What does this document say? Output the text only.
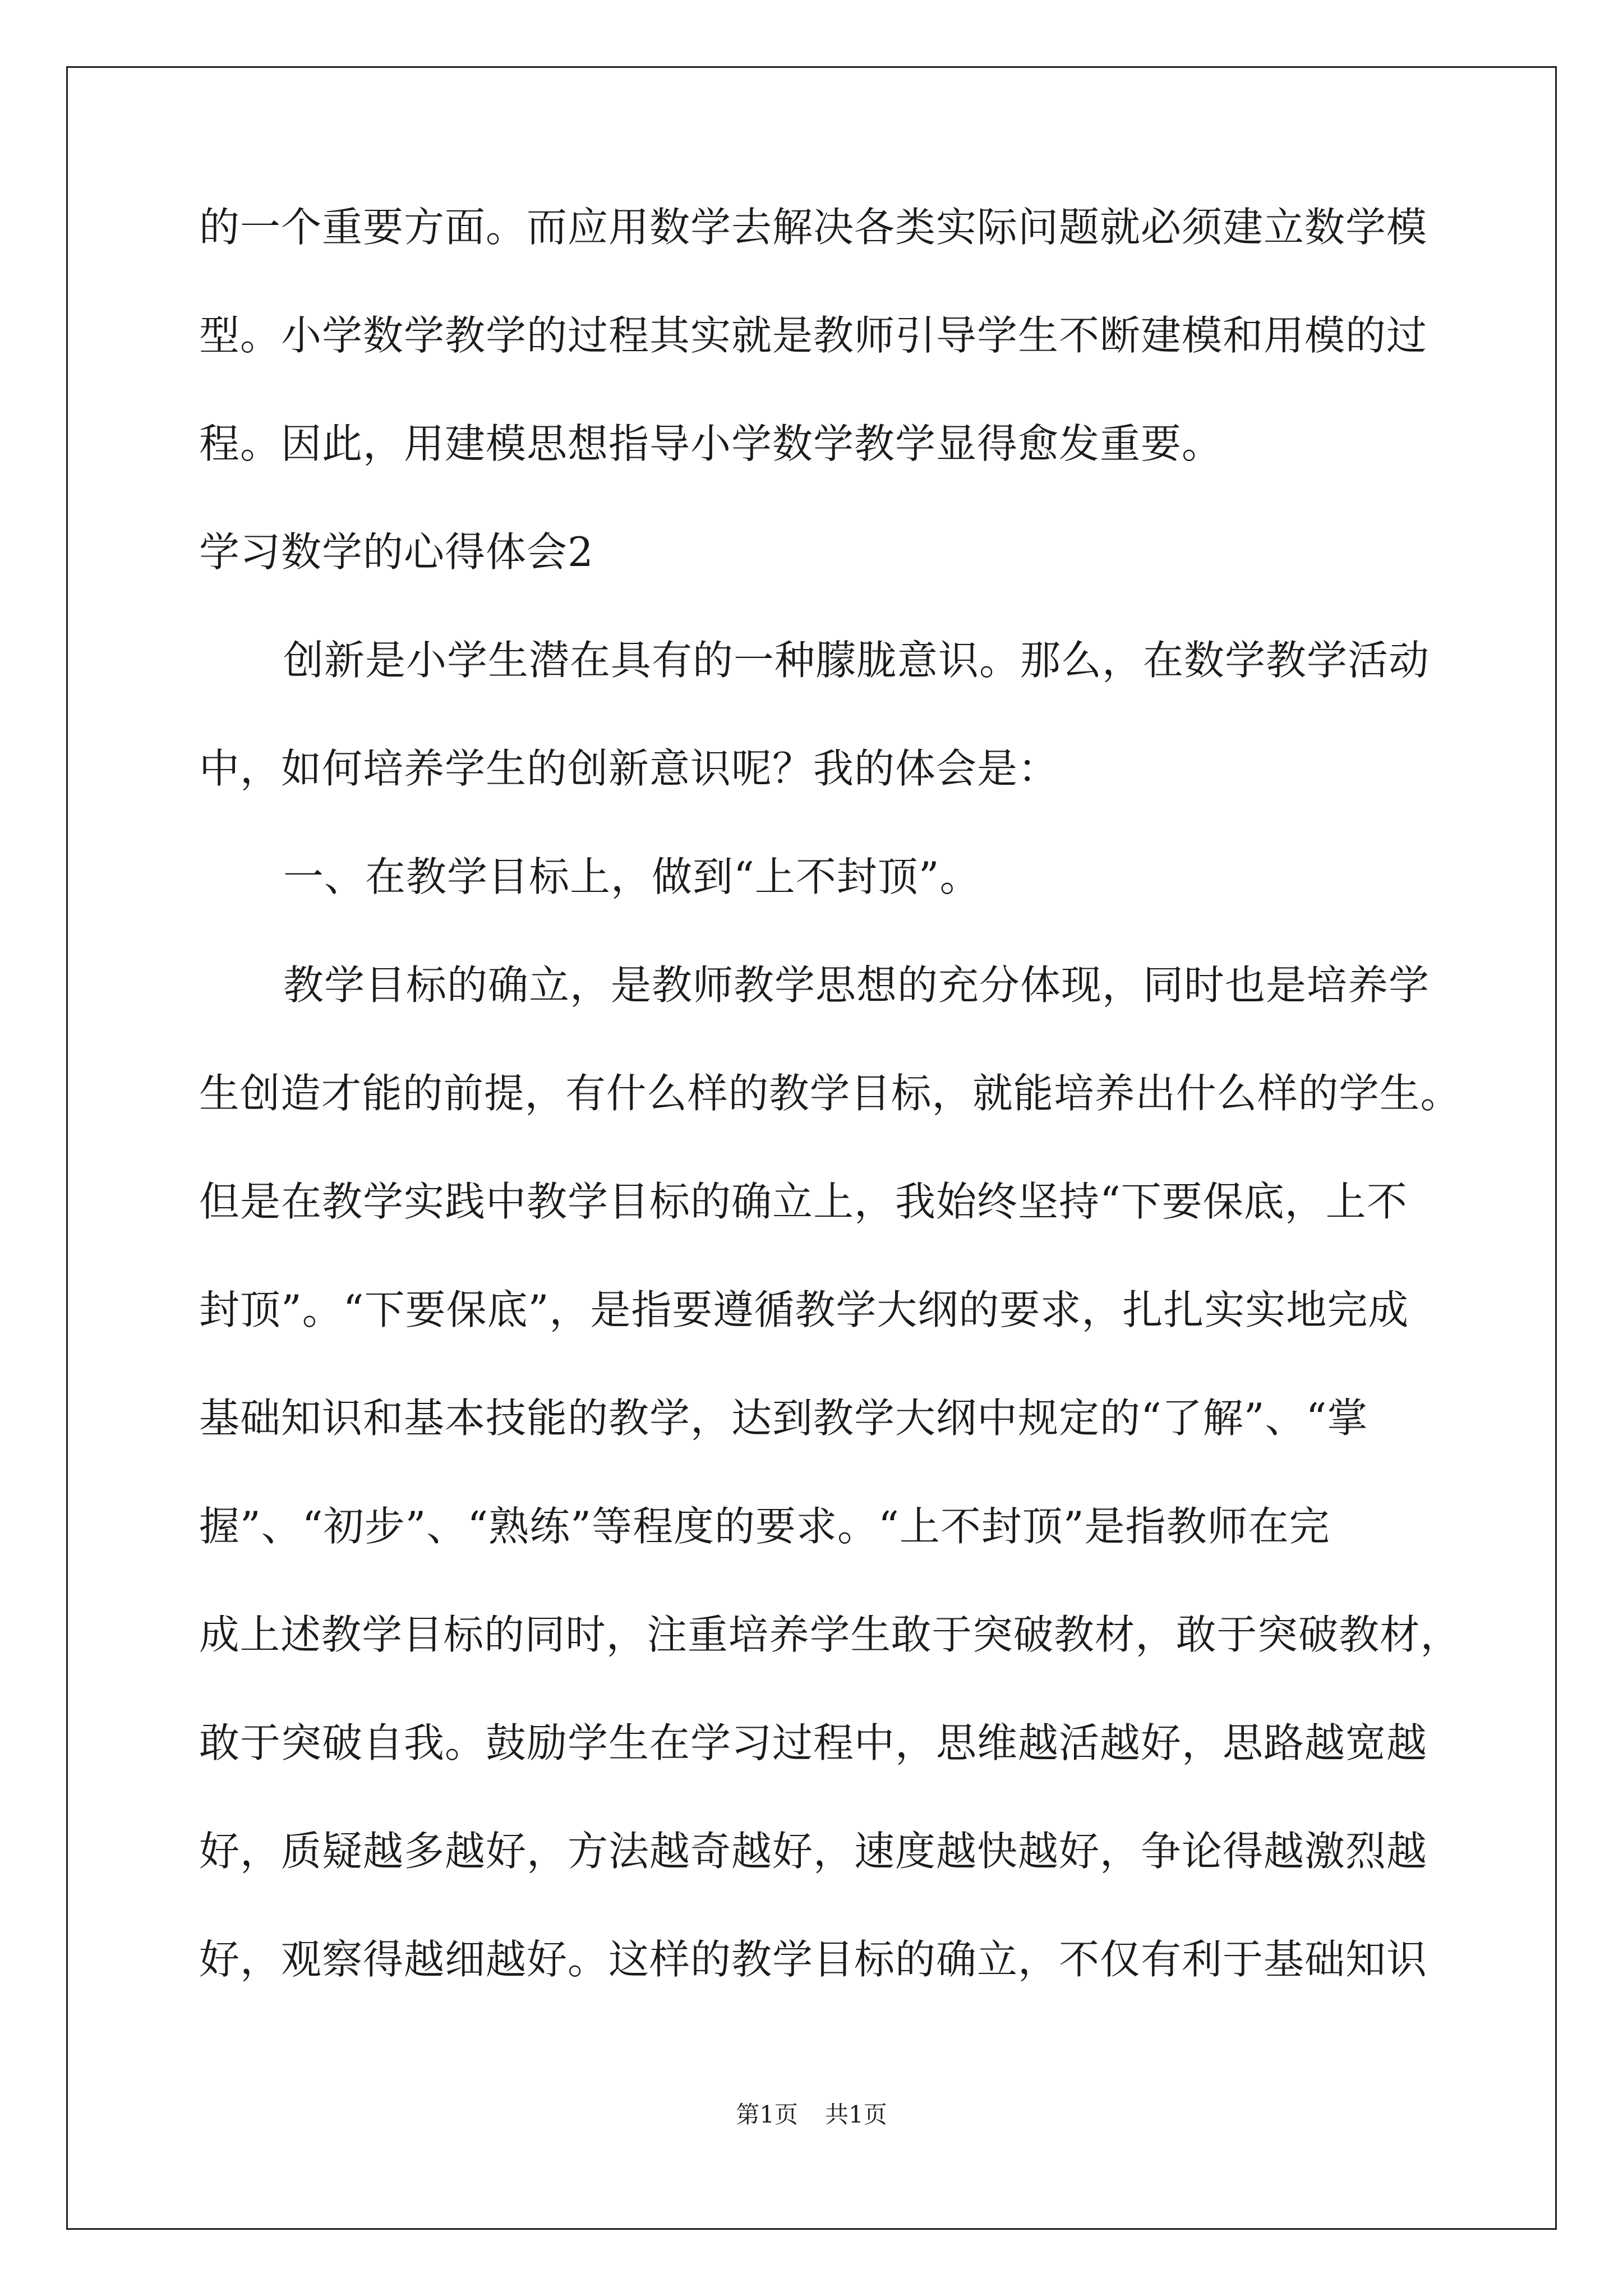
的一个重要方面。而应用数学去解决各类实际问题就必须建立数学模
型。小学数学教学的过程其实就是教师引导学生不断建模和用模的过
程。因此，用建模思想指导小学数学教学显得愈发重要。
学习数学的心得体会2
创新是小学生潜在具有的一种朦胧意识。那么，在数学教学活动
中，如何培养学生的创新意识呢？我的体会是：
一、在教学目标上，做到“上不封顶”。
教学目标的确立，是教师教学思想的充分体现，同时也是培养学
生创造才能的前提，有什么样的教学目标，就能培养出什么样的学生。
但是在教学实践中教学目标的确立上，我始终坚持“下要保底，上不
封顶”。“下要保底”，是指要遵循教学大纲的要求，扎扎实实地完成
基础知识和基本技能的教学，达到教学大纲中规定的“了解”、“掌
握”、“初步”、“熟练”等程度的要求。“上不封顶”是指教师在完
成上述教学目标的同时，注重培养学生敢于突破教材，敢于突破教材，
敢于突破自我。鼓励学生在学习过程中，思维越活越好，思路越宽越
好，质疑越多越好，方法越奇越好，速度越快越好，争论得越激烈越
好，观察得越细越好。这样的教学目标的确立，不仅有利于基础知识
第1页 共1页
